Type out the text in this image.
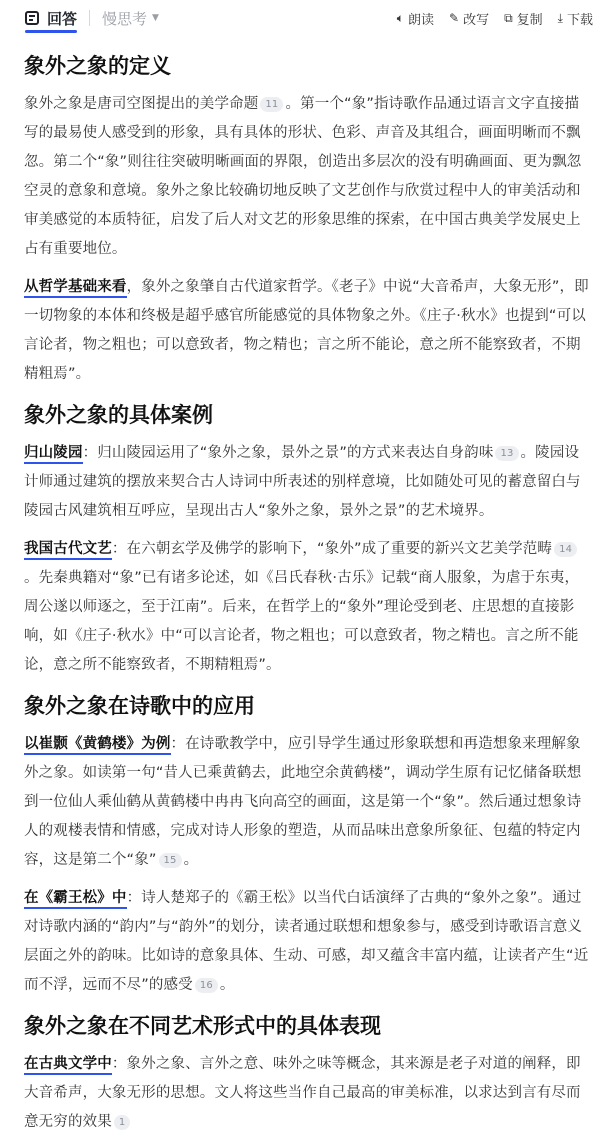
回答 慢思考 ▼	🔈︎ 朗读 ✎ 改写 ⧉ 复制 ⤓ 下载
象外之象的定义

象外之象是唐司空图提出的美学命题 11 。第一个“象”指诗歌作品通过语言文字直接描写的最易使人感受到的形象，具有具体的形状、色彩、声音及其组合，画面明晰而不飘忽。第二个“象”则往往突破明晰画面的界限，创造出多层次的没有明确画面、更为飘忽空灵的意象和意境。象外之象比较确切地反映了文艺创作与欣赏过程中人的审美活动和审美感觉的本质特征，启发了后人对文艺的形象思维的探索，在中国古典美学发展史上占有重要地位。

从哲学基础来看，象外之象肇自古代道家哲学。《老子》中说“大音希声，大象无形”，即一切物象的本体和终极是超乎感官所能感觉的具体物象之外。《庄子·秋水》也提到“可以言论者，物之粗也；可以意致者，物之精也；言之所不能论，意之所不能察致者，不期精粗焉”。

象外之象的具体案例

归山陵园：归山陵园运用了“象外之象，景外之景”的方式来表达自身韵味 13 。陵园设计师通过建筑的摆放来契合古人诗词中所表述的别样意境，比如随处可见的蓄意留白与陵园古风建筑相互呼应，呈现出古人“象外之象，景外之景”的艺术境界。

我国古代文艺：在六朝玄学及佛学的影响下，“象外”成了重要的新兴文艺美学范畴 14。先秦典籍对“象”已有诸多论述，如《吕氏春秋·古乐》记载“商人服象，为虐于东夷，周公遂以师逐之，至于江南”。后来，在哲学上的“象外”理论受到老、庄思想的直接影响，如《庄子·秋水》中“可以言论者，物之粗也；可以意致者，物之精也。言之所不能论，意之所不能察致者，不期精粗焉”。

象外之象在诗歌中的应用

以崔颢《黄鹤楼》为例：在诗歌教学中，应引导学生通过形象联想和再造想象来理解象外之象。如读第一句“昔人已乘黄鹤去，此地空余黄鹤楼”，调动学生原有记忆储备联想到一位仙人乘仙鹤从黄鹤楼中冉冉飞向高空的画面，这是第一个“象”。然后通过想象诗人的观楼表情和情感，完成对诗人形象的塑造，从而品味出意象所象征、包蕴的特定内容，这是第二个“象” 15 。

在《霸王松》中：诗人楚郑子的《霸王松》以当代白话演绎了古典的“象外之象”。通过对诗歌内涵的“韵内”与“韵外”的划分，读者通过联想和想象参与，感受到诗歌语言意义层面之外的韵味。比如诗的意象具体、生动、可感，却又蕴含丰富内蕴，让读者产生“近而不浮，远而不尽”的感受 16 。

象外之象在不同艺术形式中的具体表现

在古典文学中：象外之象、言外之意、味外之味等概念，其来源是老子对道的阐释，即大音希声，大象无形的思想。文人将这些当作自己最高的审美标准，以求达到言有尽而意无穷的效果 1
